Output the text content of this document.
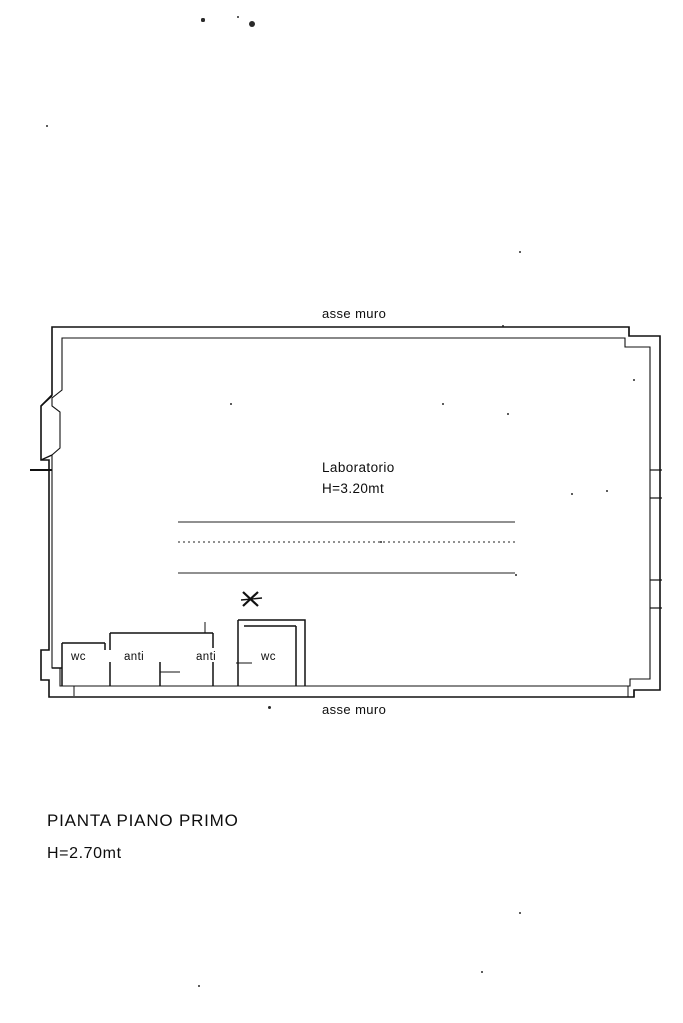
asse muro
asse muro
Laboratorio
H=3.20mt
wc	anti	anti	wc
PIANTA PIANO PRIMO
H=2.70mt
